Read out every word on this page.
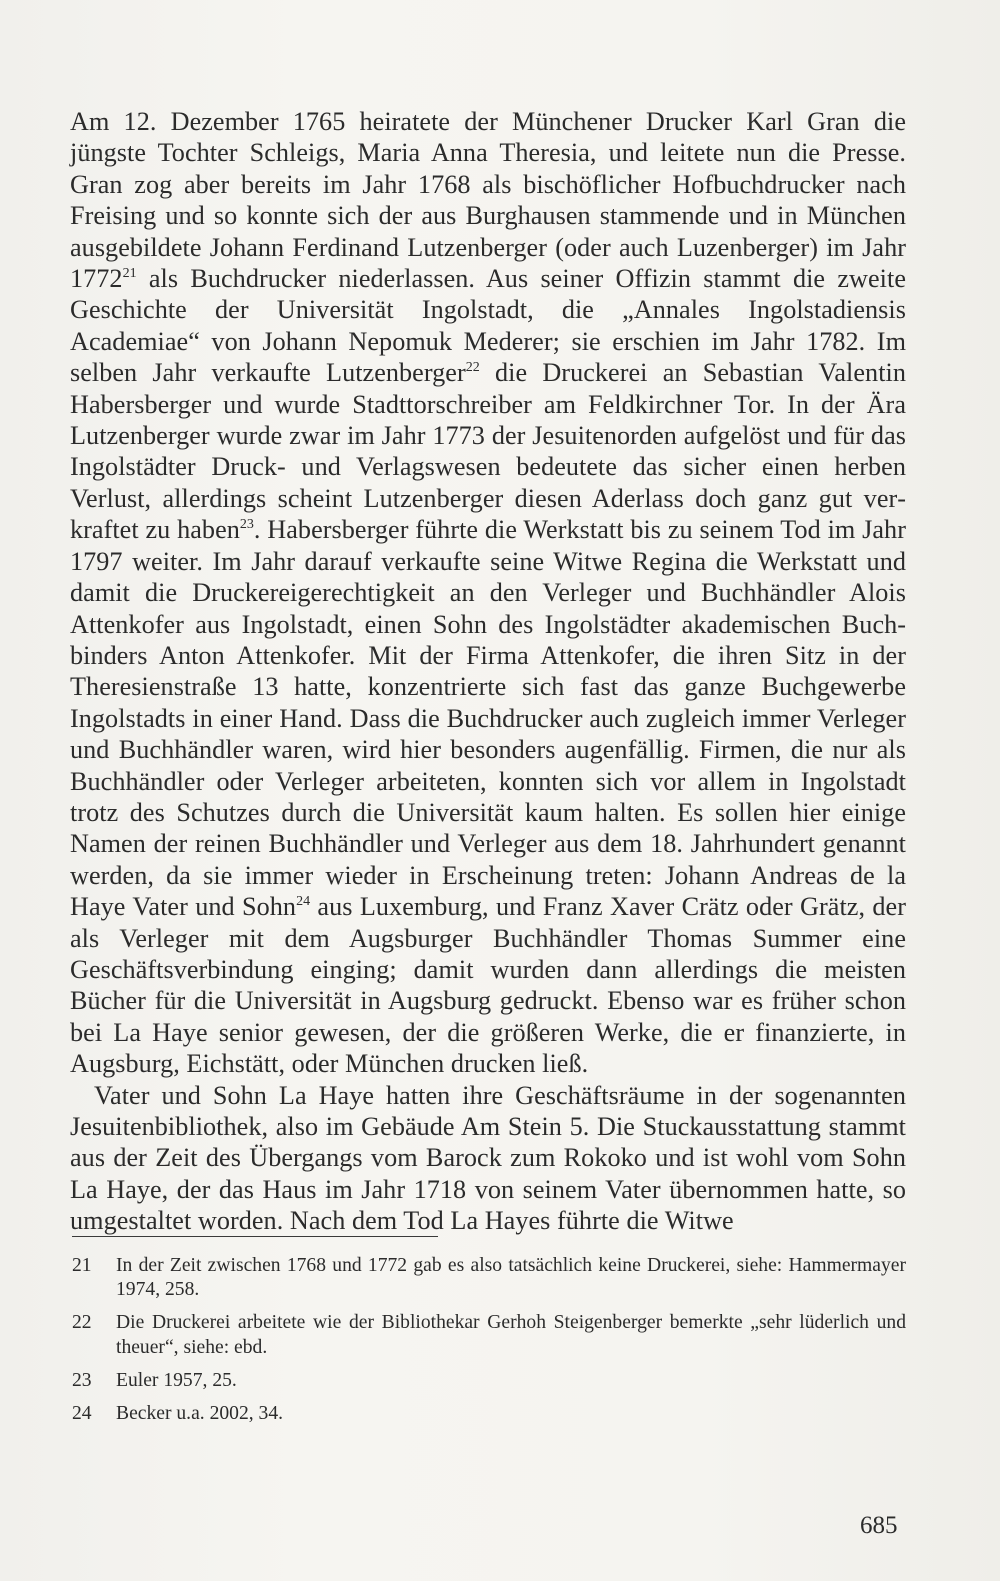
Am 12. Dezember 1765 heiratete der Münchener Drucker Karl Gran die jüngste Tochter Schleigs, Maria Anna Theresia, und leitete nun die Presse. Gran zog aber bereits im Jahr 1768 als bischöflicher Hofbuchdrucker nach Freising und so konnte sich der aus Burghausen stammende und in München ausgebildete Johann Ferdinand Lutzenberger (oder auch Luzenberger) im Jahr 1772$^{21}$ als Buchdrucker niederlassen. Aus seiner Offizin stammt die zweite Geschichte der Universität Ingolstadt, die „Annales Ingolstadiensis Academiae“ von Johann Nepomuk Mederer; sie erschien im Jahr 1782. Im selben Jahr verkaufte Lutzenberger$^{22}$ die Druckerei an Sebastian Valentin Habersberger und wurde Stadttorschreiber am Feldkirchner Tor. In der Ära Lutzenberger wurde zwar im Jahr 1773 der Jesuitenorden aufgelöst und für das Ingolstädter Druck- und Verlagswesen bedeutete das sicher einen herben Verlust, allerdings scheint Lutzenberger diesen Aderlass doch ganz gut verkraftet zu haben$^{23}$. Habersberger führte die Werkstatt bis zu seinem Tod im Jahr 1797 weiter. Im Jahr darauf verkaufte seine Witwe Regina die Werkstatt und damit die Druckereigerechtigkeit an den Verleger und Buchhändler Alois Attenkofer aus Ingolstadt, einen Sohn des Ingolstädter akademischen Buchbinders Anton Attenkofer. Mit der Firma Attenkofer, die ihren Sitz in der Theresienstraße 13 hatte, konzentrierte sich fast das ganze Buchgewerbe Ingolstadts in einer Hand. Dass die Buchdrucker auch zugleich immer Verleger und Buchhändler waren, wird hier besonders augenfällig. Firmen, die nur als Buchhändler oder Verleger arbeiteten, konnten sich vor allem in Ingolstadt trotz des Schutzes durch die Universität kaum halten. Es sollen hier einige Namen der reinen Buchhändler und Verleger aus dem 18. Jahrhundert genannt werden, da sie immer wieder in Erscheinung treten: Johann Andreas de la Haye Vater und Sohn$^{24}$ aus Luxemburg, und Franz Xaver Crätz oder Grätz, der als Verleger mit dem Augsburger Buchhändler Thomas Summer eine Geschäftsverbindung einging; damit wurden dann allerdings die meisten Bücher für die Universität in Augsburg gedruckt. Ebenso war es früher schon bei La Haye senior gewesen, der die größeren Werke, die er finanzierte, in Augsburg, Eichstätt, oder München drucken ließ.

Vater und Sohn La Haye hatten ihre Geschäftsräume in der sogenannten Jesuitenbibliothek, also im Gebäude Am Stein 5. Die Stuckausstattung stammt aus der Zeit des Übergangs vom Barock zum Rokoko und ist wohl vom Sohn La Haye, der das Haus im Jahr 1718 von seinem Vater übernommen hatte, so umgestaltet worden. Nach dem Tod La Hayes führte die Witwe

21	In der Zeit zwischen 1768 und 1772 gab es also tatsächlich keine Druckerei, siehe: Hammermayer 1974, 258.
22	Die Druckerei arbeitete wie der Bibliothekar Gerhoh Steigenberger bemerkte „sehr lüderlich und theuer“, siehe: ebd.
23	Euler 1957, 25.
24	Becker u.a. 2002, 34.
685
